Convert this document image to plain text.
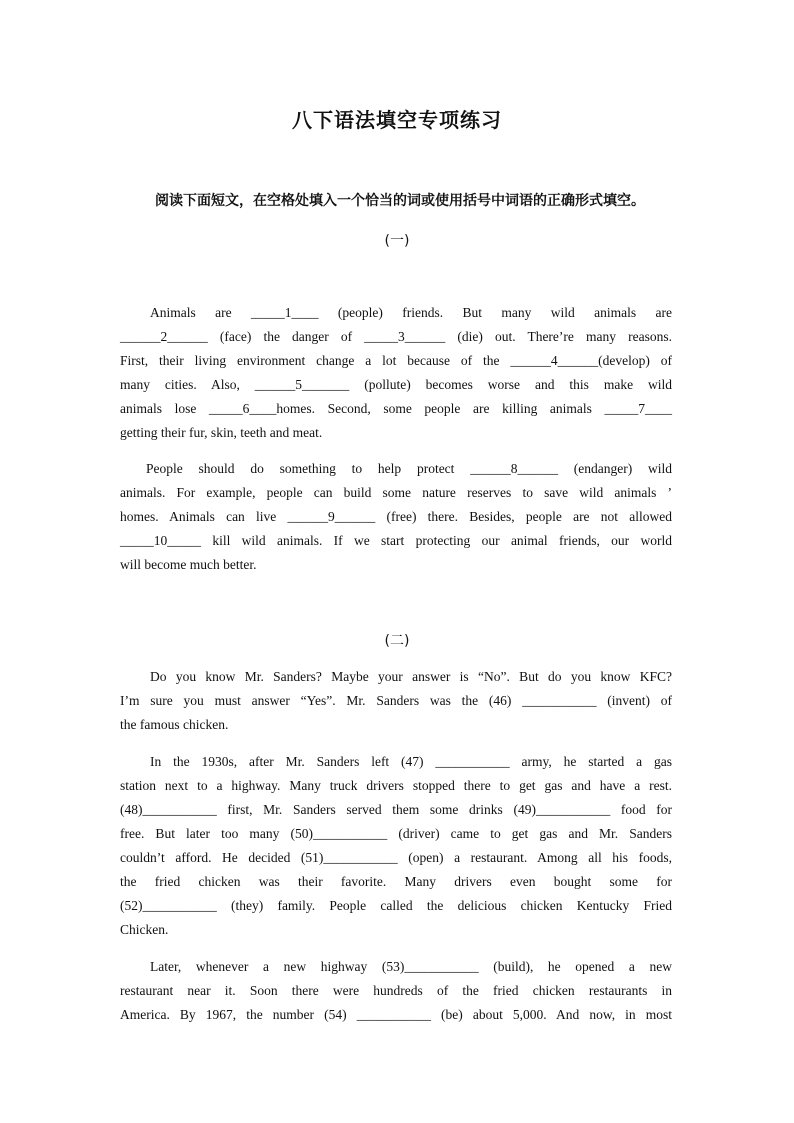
八下语法填空专项练习
阅读下面短文，在空格处填入一个恰当的词或使用括号中词语的正确形式填空。
(一)
Animals are _____1____ (people) friends. But many wild animals are
______2______ (face) the danger of _____3______ (die) out. There’re many reasons.
First, their living environment change a lot because of the ______4______(develop) of
many cities. Also, ______5_______ (pollute) becomes worse and this make wild
animals lose _____6____homes. Second, some people are killing animals _____7____
getting their fur, skin, teeth and meat.
People should do something to help protect ______8______ (endanger) wild
animals. For example, people can build some nature reserves to save wild animals ’
homes. Animals can live ______9______ (free) there. Besides, people are not allowed
_____10_____ kill wild animals. If we start protecting our animal friends, our world
will become much better.
(二)
Do you know Mr. Sanders? Maybe your answer is “No”. But do you know KFC?
I’m sure you must answer “Yes”. Mr. Sanders was the (46) ___________ (invent) of
the famous chicken.
In the 1930s, after Mr. Sanders left (47) ___________ army, he started a gas
station next to a highway. Many truck drivers stopped there to get gas and have a rest.
(48)___________ first, Mr. Sanders served them some drinks (49)___________ food for
free. But later too many (50)___________ (driver) came to get gas and Mr. Sanders
couldn’t afford. He decided (51)___________ (open) a restaurant. Among all his foods,
the fried chicken was their favorite. Many drivers even bought some for
(52)___________ (they) family. People called the delicious chicken Kentucky Fried
Chicken.
Later, whenever a new highway (53)___________ (build), he opened a new
restaurant near it. Soon there were hundreds of the fried chicken restaurants in
America. By 1967, the number (54) ___________ (be) about 5,000. And now, in most
